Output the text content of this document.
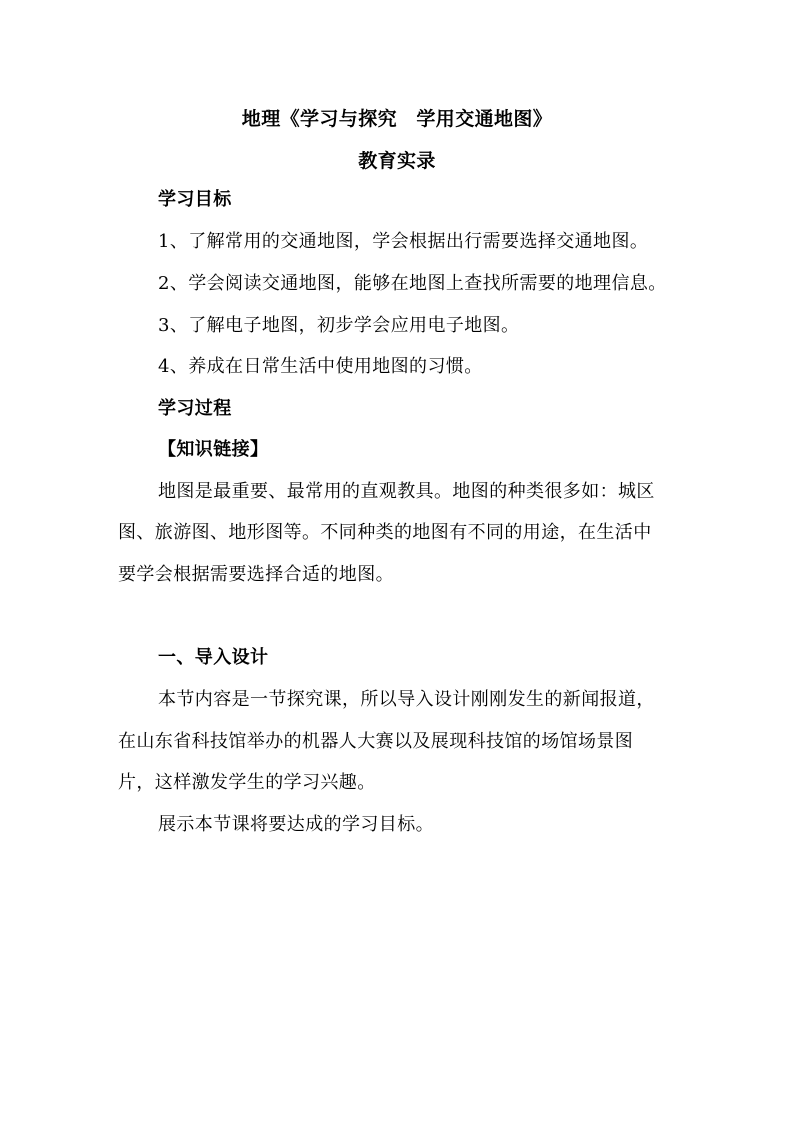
地理《学习与探究　学用交通地图》
教育实录
学习目标
1、了解常用的交通地图，学会根据出行需要选择交通地图。
2、学会阅读交通地图，能够在地图上查找所需要的地理信息。
3、了解电子地图，初步学会应用电子地图。
4、养成在日常生活中使用地图的习惯。
学习过程
【知识链接】
地图是最重要、最常用的直观教具。地图的种类很多如：城区
图、旅游图、地形图等。不同种类的地图有不同的用途，在生活中
要学会根据需要选择合适的地图。
一、导入设计
本节内容是一节探究课，所以导入设计刚刚发生的新闻报道，
在山东省科技馆举办的机器人大赛以及展现科技馆的场馆场景图
片，这样激发学生的学习兴趣。
展示本节课将要达成的学习目标。
